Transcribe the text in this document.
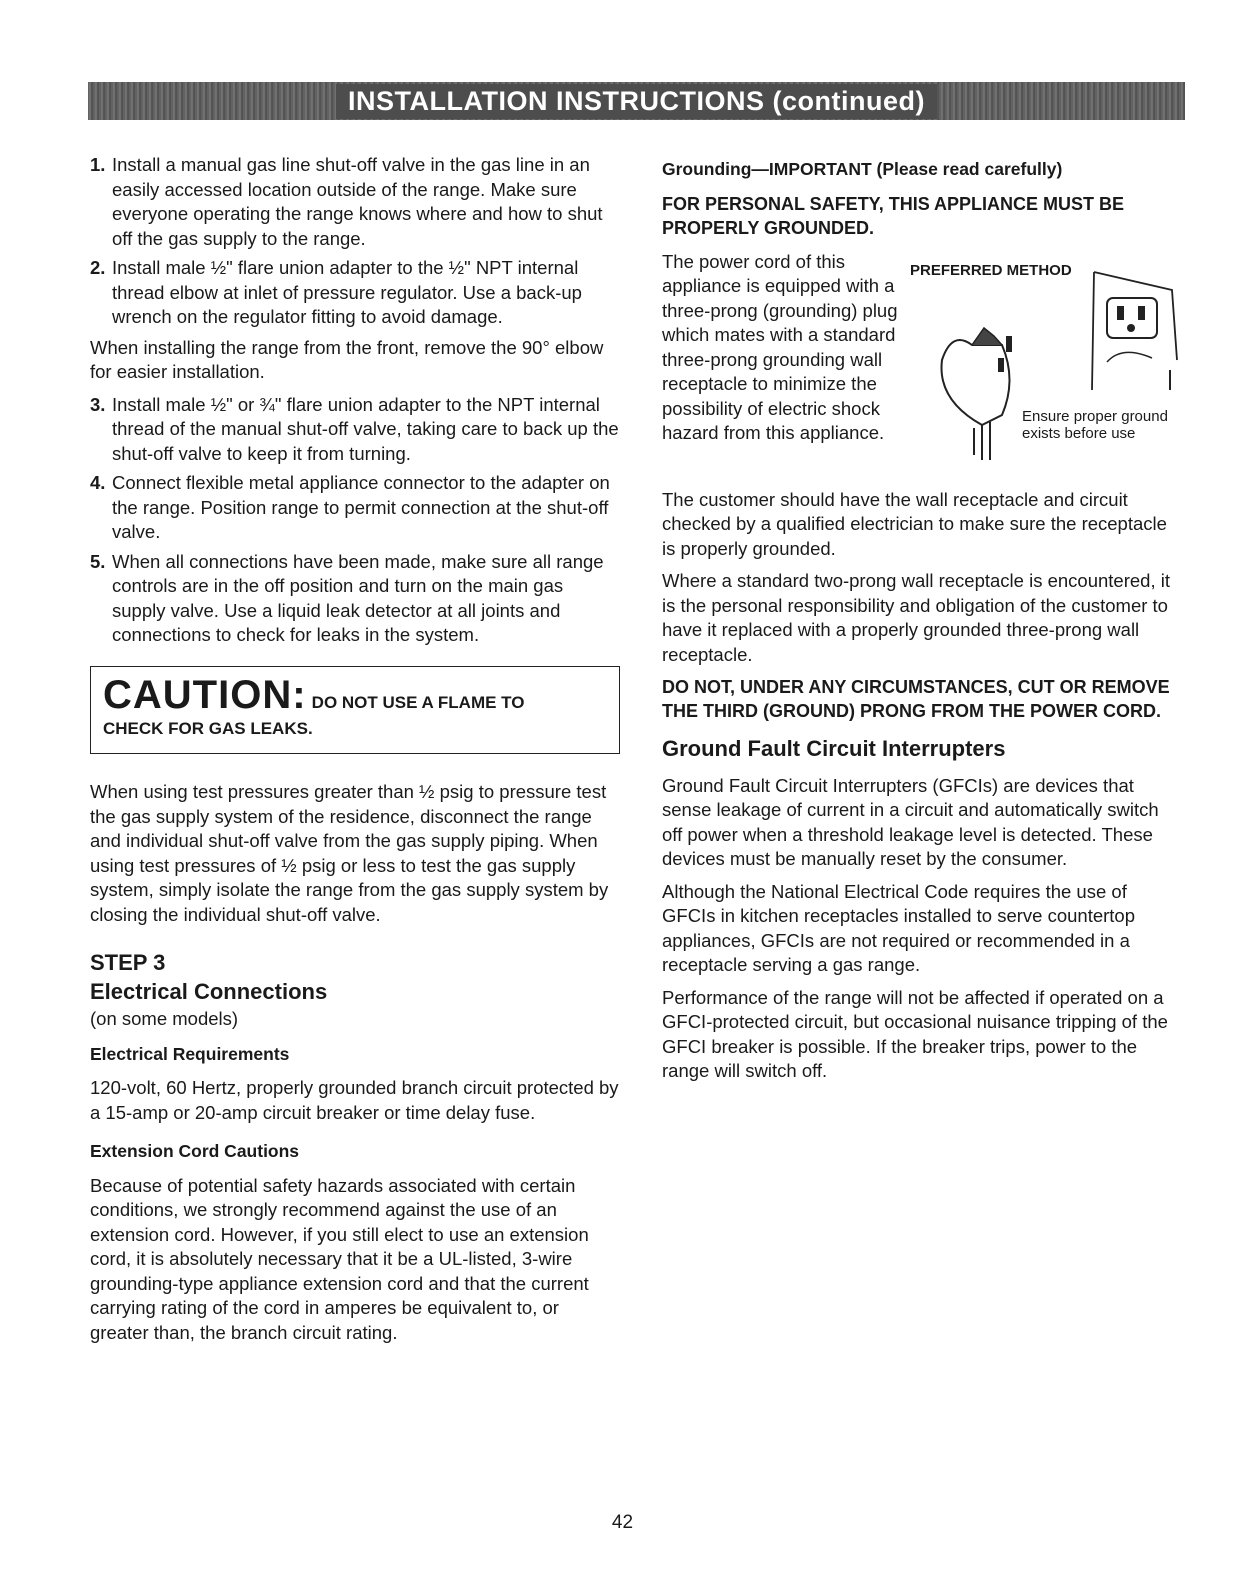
INSTALLATION INSTRUCTIONS (continued)
1. Install a manual gas line shut-off valve in the gas line in an easily accessed location outside of the range. Make sure everyone operating the range knows where and how to shut off the gas supply to the range.
2. Install male ½" flare union adapter to the ½" NPT internal thread elbow at inlet of pressure regulator. Use a back-up wrench on the regulator fitting to avoid damage.

When installing the range from the front, remove the 90° elbow for easier installation.

3. Install male ½" or ¾" flare union adapter to the NPT internal thread of the manual shut-off valve, taking care to back up the shut-off valve to keep it from turning.
4. Connect flexible metal appliance connector to the adapter on the range. Position range to permit connection at the shut-off valve.
5. When all connections have been made, make sure all range controls are in the off position and turn on the main gas supply valve. Use a liquid leak detector at all joints and connections to check for leaks in the system.
CAUTION: DO NOT USE A FLAME TO
CHECK FOR GAS LEAKS.

When using test pressures greater than ½ psig to pressure test the gas supply system of the residence, disconnect the range and individual shut-off valve from the gas supply piping. When using test pressures of ½ psig or less to test the gas supply system, simply isolate the range from the gas supply system by closing the individual shut-off valve.

STEP 3
Electrical Connections
(on some models)
Electrical Requirements

120-volt, 60 Hertz, properly grounded branch circuit protected by a 15-amp or 20-amp circuit breaker or time delay fuse.

Extension Cord Cautions

Because of potential safety hazards associated with certain conditions, we strongly recommend against the use of an extension cord. However, if you still elect to use an extension cord, it is absolutely necessary that it be a UL-listed, 3-wire grounding-type appliance extension cord and that the current carrying rating of the cord in amperes be equivalent to, or greater than, the branch circuit rating.

Grounding—IMPORTANT (Please read carefully)
FOR PERSONAL SAFETY, THIS APPLIANCE MUST BE PROPERLY GROUNDED.
The power cord of this appliance is equipped with a three-prong (grounding) plug which mates with a standard three-prong grounding wall receptacle to minimize the possibility of electric shock hazard from this appliance.
PREFERRED METHOD
Ensure proper ground exists before use

The customer should have the wall receptacle and circuit checked by a qualified electrician to make sure the receptacle is properly grounded.

Where a standard two-prong wall receptacle is encountered, it is the personal responsibility and obligation of the customer to have it replaced with a properly grounded three-prong wall receptacle.

DO NOT, UNDER ANY CIRCUMSTANCES, CUT OR REMOVE THE THIRD (GROUND) PRONG FROM THE POWER CORD.
Ground Fault Circuit Interrupters

Ground Fault Circuit Interrupters (GFCIs) are devices that sense leakage of current in a circuit and automatically switch off power when a threshold leakage level is detected. These devices must be manually reset by the consumer.

Although the National Electrical Code requires the use of GFCIs in kitchen receptacles installed to serve countertop appliances, GFCIs are not required or recommended in a receptacle serving a gas range.

Performance of the range will not be affected if operated on a GFCI-protected circuit, but occasional nuisance tripping of the GFCI breaker is possible. If the breaker trips, power to the range will switch off.

42
